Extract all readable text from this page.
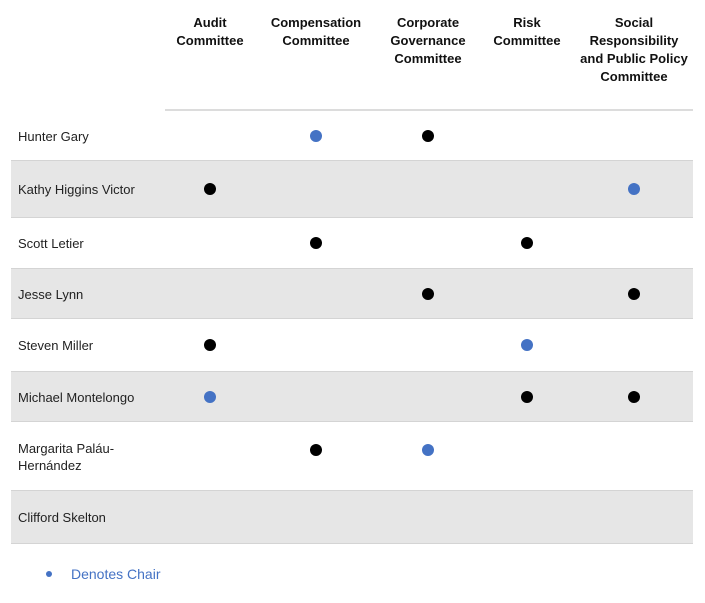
Audit
Committee
Compensation
Committee
Corporate
Governance
Committee
Risk
Committee
Social
Responsibility
and Public Policy
Committee
Hunter Gary
Kathy Higgins Victor
Scott Letier
Jesse Lynn
Steven Miller
Michael Montelongo
Margarita Paláu-Hernández
Clifford Skelton
Denotes Chair
